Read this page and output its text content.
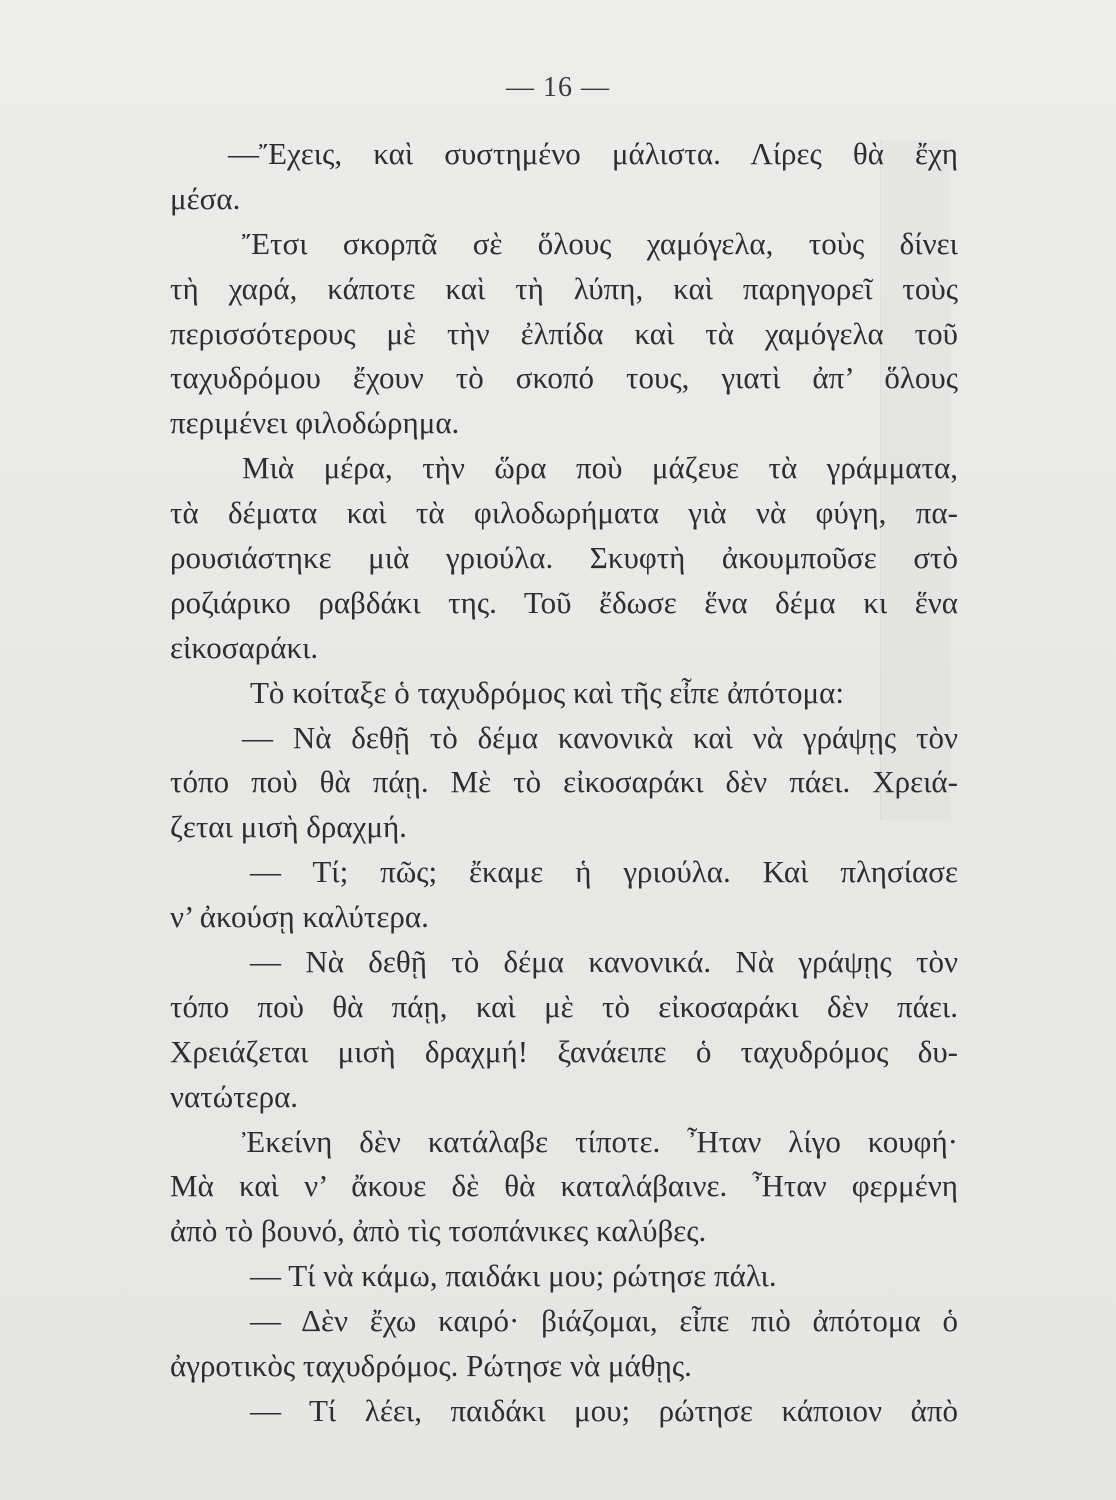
— 16 —
—Ἔχεις, καὶ συστημένο μάλιστα. Λίρες θὰ ἔχη
μέσα.
Ἔτσι σκορπᾶ σὲ ὅλους χαμόγελα, τοὺς δίνει
τὴ χαρά, κάποτε καὶ τὴ λύπη, καὶ παρηγορεῖ τοὺς
περισσότερους μὲ τὴν ἐλπίδα καὶ τὰ χαμόγελα τοῦ
ταχυδρόμου ἔχουν τὸ σκοπό τους, γιατὶ ἀπ’ ὅλους
περιμένει φιλοδώρημα.
Μιὰ μέρα, τὴν ὥρα ποὺ μάζευε τὰ γράμματα,
τὰ δέματα καὶ τὰ φιλοδωρήματα γιὰ νὰ φύγη, πα-
ρουσιάστηκε μιὰ γριούλα. Σκυφτὴ ἀκουμποῦσε στὸ
ροζιάρικο ραβδάκι της. Τοῦ ἔδωσε ἕνα δέμα κι ἕνα
εἰκοσαράκι.
Τὸ κοίταξε ὁ ταχυδρόμος καὶ τῆς εἶπε ἀπότομα:
— Νὰ δεθῇ τὸ δέμα κανονικὰ καὶ νὰ γράψῃς τὸν
τόπο ποὺ θὰ πάῃ. Μὲ τὸ εἰκοσαράκι δὲν πάει. Χρειά-
ζεται μισὴ δραχμή.
— Τί; πῶς; ἔκαμε ἡ γριούλα. Καὶ πλησίασε
ν’ ἀκούσῃ καλύτερα.
— Νὰ δεθῇ τὸ δέμα κανονικά. Νὰ γράψῃς τὸν
τόπο ποὺ θὰ πάῃ, καὶ μὲ τὸ εἰκοσαράκι δὲν πάει.
Χρειάζεται μισὴ δραχμή! ξανάειπε ὁ ταχυδρόμος δυ-
νατώτερα.
Ἐκείνη δὲν κατάλαβε τίποτε. Ἦταν λίγο κουφή·
Μὰ καὶ ν’ ἄκουε δὲ θὰ καταλάβαινε. Ἦταν φερμένη
ἀπὸ τὸ βουνό, ἀπὸ τὶς τσοπάνικες καλύβες.
— Τί νὰ κάμω, παιδάκι μου; ρώτησε πάλι.
— Δὲν ἔχω καιρό· βιάζομαι, εἶπε πιὸ ἀπότομα ὁ
ἀγροτικὸς ταχυδρόμος. Ρώτησε νὰ μάθῃς.
— Τί λέει, παιδάκι μου; ρώτησε κάποιον ἀπὸ
